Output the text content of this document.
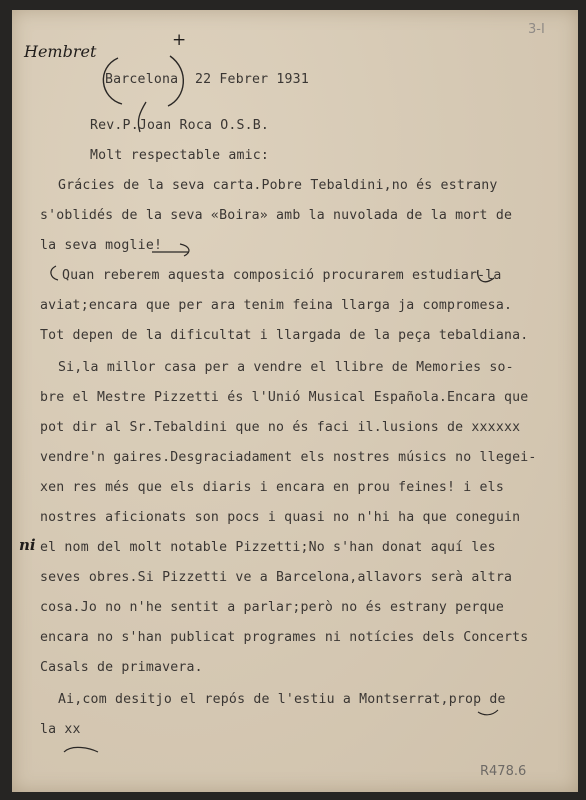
Hembret
+
3-I
R478.6
ni
Barcelona	22 Febrer 1931
Rev.P.Joan Roca O.S.B.
Molt respectable amic:
Grácies de la seva carta.Pobre Tebaldini,no és estrany
s'oblidés de la seva «Boira» amb la nuvolada de la mort de
la seva moglie!
Quan reberem aquesta composició procurarem estudiar-la
aviat;encara que per ara tenim feina llarga ja compromesa.
Tot depen de la dificultat i llargada de la peça tebaldiana.
Si,la millor casa per a vendre el llibre de Memories so-
bre el Mestre Pizzetti és l'Unió Musical Española.Encara que
pot dir al Sr.Tebaldini que no és faci il.lusions de xxxxxx
vendre'n gaires.Desgraciadament els nostres músics no llegei-
xen res més que els diaris i encara en prou feines! i els
nostres aficionats son pocs i quasi no n'hi ha que coneguin
el nom del molt notable Pizzetti;No s'han donat aquí les
seves obres.Si Pizzetti ve a Barcelona,allavors serà altra
cosa.Jo no n'he sentit a parlar;però no és estrany perque
encara no s'han publicat programes ni notícies dels Concerts
Casals de primavera.
Ai,com desitjo el repós de l'estiu a Montserrat,prop de
la xx
